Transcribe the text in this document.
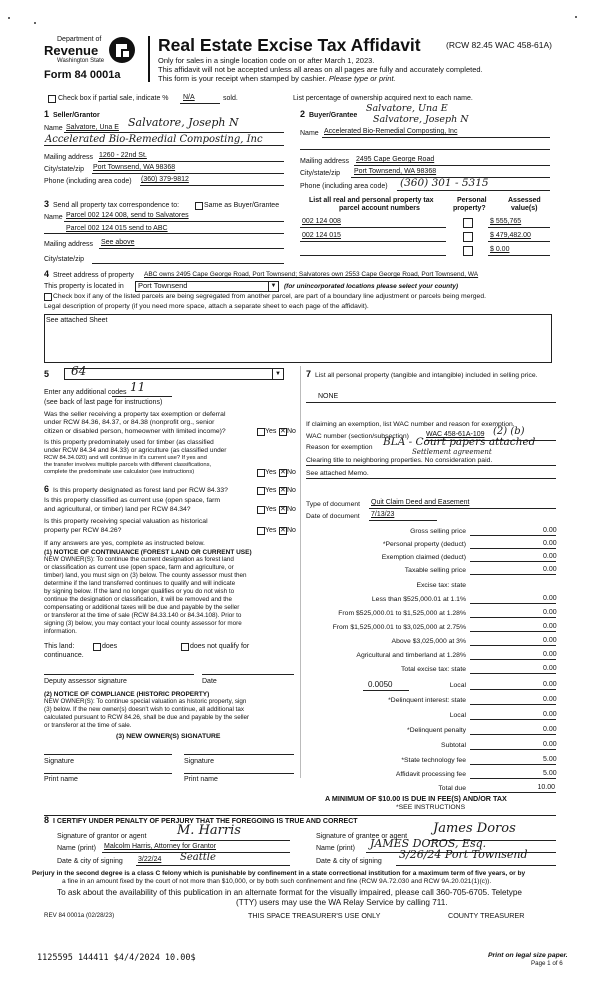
Department of
Revenue
Washington State
Form 84 0001a
Real Estate Excise Tax Affidavit	(RCW 82.45 WAC 458-61A)
Only for sales in a single location code on or after March 1, 2023.
This affidavit will not be accepted unless all areas on all pages are fully and accurately completed.
This form is your receipt when stamped by cashier. Please type or print.
Check box if partial sale, indicate % N/A	sold.	List percentage of ownership acquired next to each name.
1 Seller/Grantor
Name Salvatore, Una E Salvatore, Joseph N
Accelerated Bio-Remedial Composting, Inc
Mailing address 1260 - 22nd St.
City/state/zip Port Townsend, WA 98368
Phone (including area code) (360) 379-9812
2 Buyer/Grantee
Salvatore, Una E
Salvatore, Joseph N
Name Accelerated Bio-Remedial Composting, Inc
Mailing address 2495 Cape George Road
City/state/zip Port Townsend, WA 98368
Phone (including area code) (360) 301 - 5315
3 Send all property tax correspondence to:	Same as Buyer/Grantee
Name Parcel 002 124 008, send to Salvatores
Parcel 002 124 015 send to ABC
Mailing address See above
City/state/zip
List all real and personal property tax
parcel account numbers
Personal
property?
Assessed
value(s)
002 124 008	$ 555,765
002 124 015	$ 479,482.00
$ 0.00
4 Street address of property ABC owns 2495 Cape George Road, Port Townsend; Salvatores own 2553 Cape George Road, Port Townsend, WA
This property is located in Port Townsend	▼ (for unincorporated locations please select your county)
Check box if any of the listed parcels are being segregated from another parcel, are part of a boundary line adjustment or parcels being merged.
Legal description of property (if you need more space, attach a separate sheet to each page of the affidavit).
See attached Sheet
5 64	▼
Enter any additional codes 11
(see back of last page for instructions)
Was the seller receiving a property tax exemption or deferral
under RCW 84.36, 84.37, or 84.38 (nonprofit org., senior
citizen or disabled person, homeowner with limited income)?	Yes ✕ No
Is this property predominately used for timber (as classified
under RCW 84.34 and 84.33) or agriculture (as classified under
RCW 84.34.020) and will continue in it's current use? If yes and
the transfer involves multiple parcels with different classifications,
complete the predominate use calculator (see instructions)	Yes ✕ No
6 Is this property designated as forest land per RCW 84.33?	Yes ✕ No
Is this property classified as current use (open space, farm
and agricultural, or timber) land per RCW 84.34?	Yes ✕ No
Is this property receiving special valuation as historical
property per RCW 84.26?	Yes ✕ No
If any answers are yes, complete as instructed below.
(1) NOTICE OF CONTINUANCE (FOREST LAND OR CURRENT USE)
NEW OWNER(S): To continue the current designation as forest land
or classification as current use (open space, farm and agriculture, or
timber) land, you must sign on (3) below. The county assessor must then
determine if the land transferred continues to qualify and will indicate
by signing below. If the land no longer qualifies or you do not wish to
continue the designation or classification, it will be removed and the
compensating or additional taxes will be due and payable by the seller
or transferor at the time of sale (RCW 84.33.140 or 84.34.108). Prior to
signing (3) below, you may contact your local county assessor for more
information.
This land:	does	does not qualify for
continuance.
Deputy assessor signature	Date
(2) NOTICE OF COMPLIANCE (HISTORIC PROPERTY)
NEW OWNER(S): To continue special valuation as historic property, sign
(3) below. If the new owner(s) doesn't wish to continue, all additional tax
calculated pursuant to RCW 84.26, shall be due and payable by the seller
or transferor at the time of sale.
(3) NEW OWNER(S) SIGNATURE
Signature	Signature
Print name	Print name
7 List all personal property (tangible and intangible) included in selling price.
NONE
If claiming an exemption, list WAC number and reason for exemption.
WAC number (section/subsection) WAC 458-61A-109 (2) (b)
Reason for exemption BLA - Court papers attached
Settlement agreement
Clearing title to neighboring properties. No consideration paid.
See attached Memo.
Type of document Quit Claim Deed and Easement
Date of document 7/13/23
Gross selling price	0.00
*Personal property (deduct)	0.00
Exemption claimed (deduct)	0.00
Taxable selling price	0.00
Excise tax: state
Less than $525,000.01 at 1.1%	0.00
From $525,000.01 to $1,525,000 at 1.28%	0.00
From $1,525,000.01 to $3,025,000 at 2.75%	0.00
Above $3,025,000 at 3%	0.00
Agricultural and timberland at 1.28%	0.00
Total excise tax: state	0.00
0.0050	Local	0.00
*Delinquent interest: state	0.00
Local	0.00
*Delinquent penalty	0.00
Subtotal	0.00
*State technology fee	5.00
Affidavit processing fee	5.00
Total due	10.00
A MINIMUM OF $10.00 IS DUE IN FEE(S) AND/OR TAX
*SEE INSTRUCTIONS
8 I CERTIFY UNDER PENALTY OF PERJURY THAT THE FOREGOING IS TRUE AND CORRECT
Signature of grantor or agent M. Harris
Name (print) Malcolm Harris, Attorney for Grantor
Date & city of signing 3/22/24 Seattle
Signature of grantee or agent
James Doros
Name (print) JAMES DOROS, Esq.
Date & city of signing
3/26/24 Port Townsend
Perjury in the second degree is a class C felony which is punishable by confinement in a state correctional institution for a maximum term of five years, or by
a fine in an amount fixed by the court of not more than $10,000, or by both such confinement and fine (RCW 9A.72.030 and RCW 9A.20.021(1)(c)).
To ask about the availability of this publication in an alternate format for the visually impaired, please call 360-705-6705. Teletype
(TTY) users may use the WA Relay Service by calling 711.
REV 84 0001a (02/28/23)	THIS SPACE TREASURER'S USE ONLY	COUNTY TREASURER
1125595 144411 $4/4/2024 10.00$	Print on legal size paper.
Page 1 of 6
